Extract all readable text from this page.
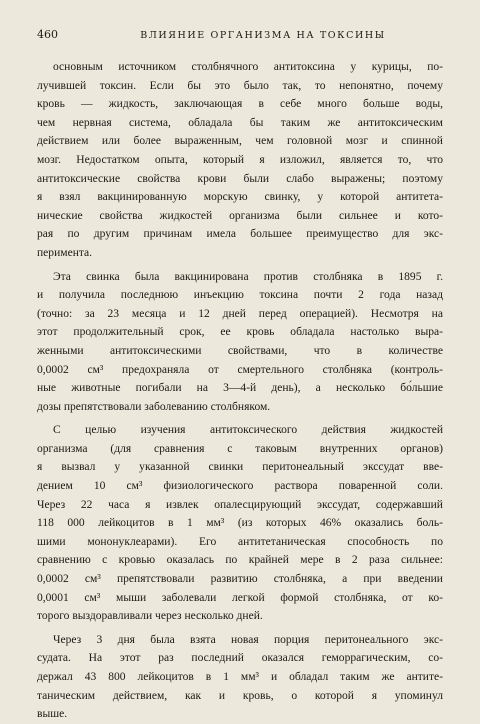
460	ВЛИЯНИЕ ОРГАНИЗМА НА ТОКСИНЫ

основным источником столбнячного антитоксина у курицы, по-
лучившей токсин. Если бы это было так, то непонятно, почему
кровь — жидкость, заключающая в себе много больше воды,
чем нервная система, обладала бы таким же антитоксическим
действием или более выраженным, чем головной мозг и спинной
мозг. Недостатком опыта, который я изложил, является то, что
антитоксические свойства крови были слабо выражены; поэтому
я взял вакцинированную морскую свинку, у которой антитета-
нические свойства жидкостей организма были сильнее и кото-
рая по другим причинам имела большее преимущество для экс-
перимента.

Эта свинка была вакцинирована против столбняка в 1895 г.
и получила последнюю инъекцию токсина почти 2 года назад
(точно: за 23 месяца и 12 дней перед операцией). Несмотря на
этот продолжительный срок, ее кровь обладала настолько выра-
женными антитоксическими свойствами, что в количестве
0,0002 см³ предохраняла от смертельного столбняка (контроль-
ные животные погибали на 3—4-й день), а несколько бо́льшие
дозы препятствовали заболеванию столбняком.

С целью изучения антитоксического действия жидкостей
организма (для сравнения с таковым внутренних органов)
я вызвал у указанной свинки перитонеальный экссудат вве-
дением 10 см³ физиологического раствора поваренной соли.
Через 22 часа я извлек опалесцирующий экссудат, содержавший
118 000 лейкоцитов в 1 мм³ (из которых 46% оказались боль-
шими мононуклеарами). Его антитетаническая способность по
сравнению с кровью оказалась по крайней мере в 2 раза сильнее:
0,0002 см³ препятствовали развитию столбняка, а при введении
0,0001 см³ мыши заболевали легкой формой столбняка, от ко-
торого выздоравливали через несколько дней.

Через 3 дня была взята новая порция перитонеального экс-
судата. На этот раз последний оказался геморрагическим, со-
держал 43 800 лейкоцитов в 1 мм³ и обладал таким же антите-
таническим действием, как и кровь, о которой я упоминул
выше.
